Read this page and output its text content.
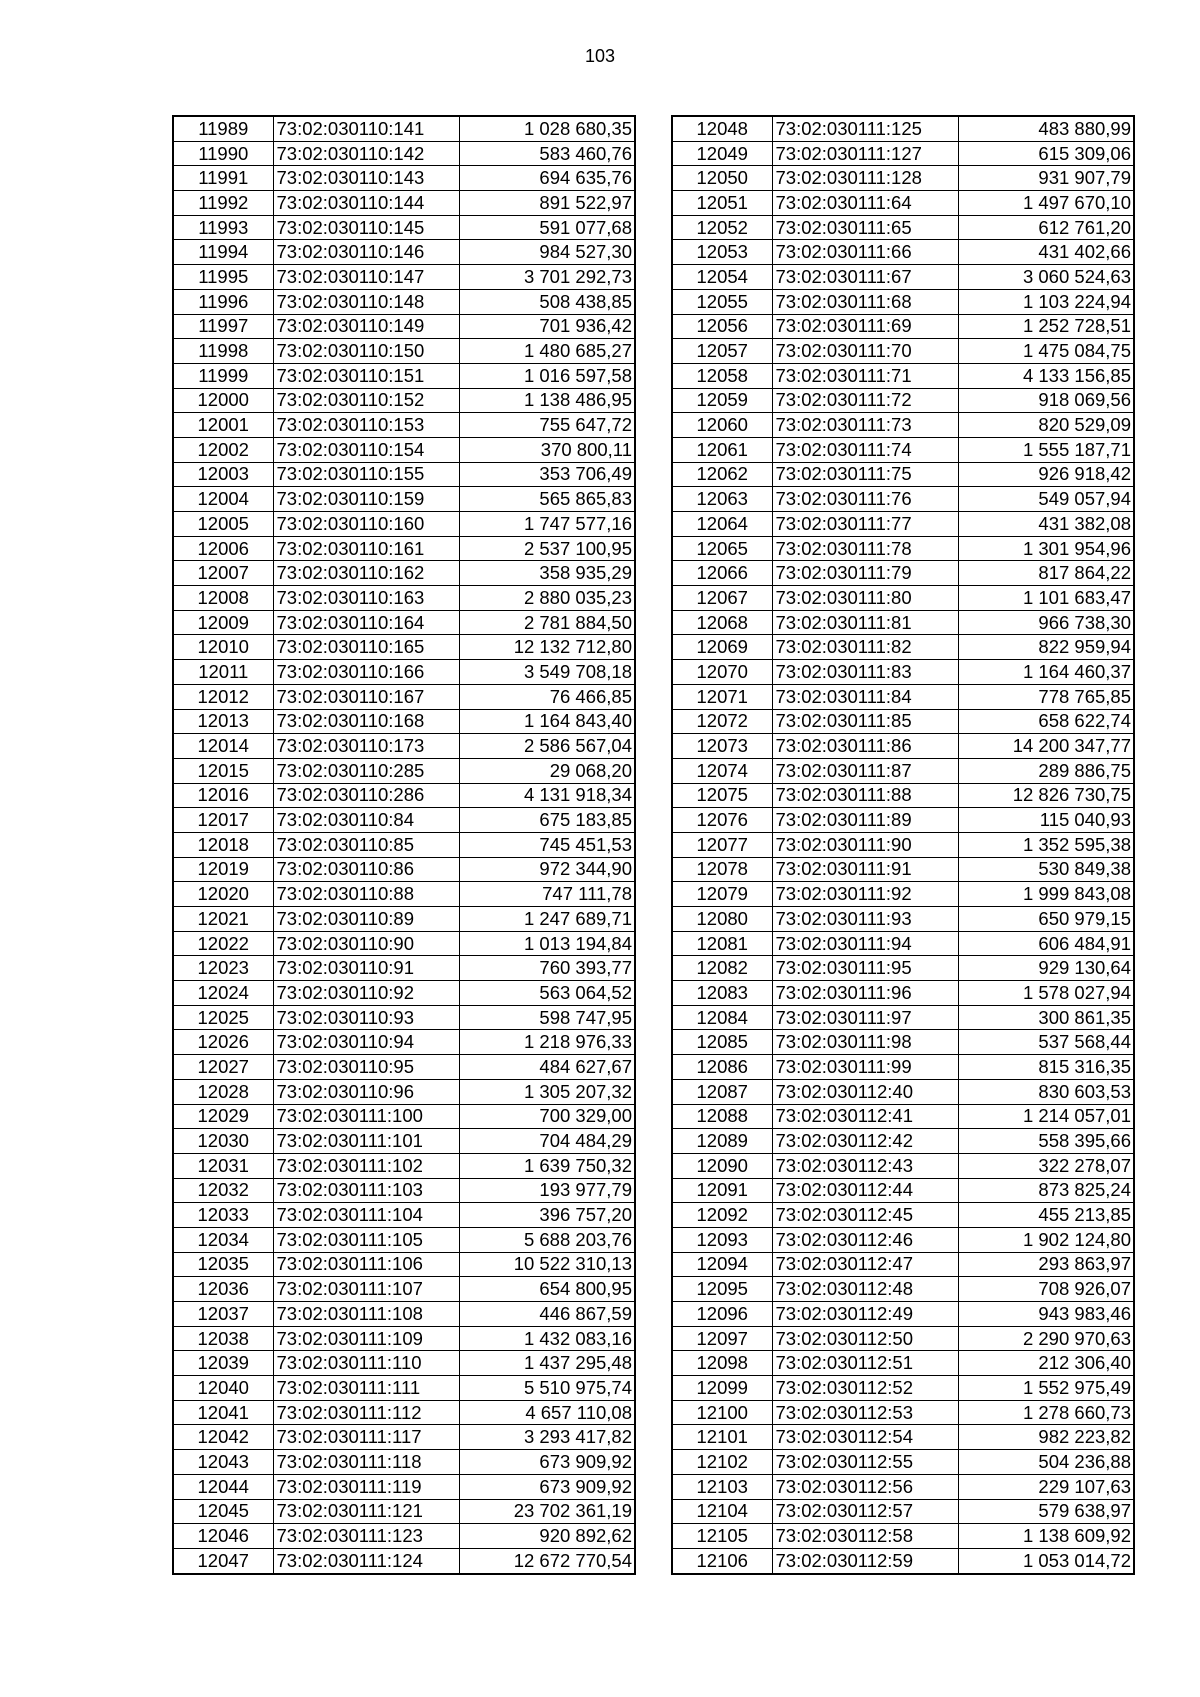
103
11989	73:02:030110:141	1 028 680,35
11990	73:02:030110:142	583 460,76
11991	73:02:030110:143	694 635,76
11992	73:02:030110:144	891 522,97
11993	73:02:030110:145	591 077,68
11994	73:02:030110:146	984 527,30
11995	73:02:030110:147	3 701 292,73
11996	73:02:030110:148	508 438,85
11997	73:02:030110:149	701 936,42
11998	73:02:030110:150	1 480 685,27
11999	73:02:030110:151	1 016 597,58
12000	73:02:030110:152	1 138 486,95
12001	73:02:030110:153	755 647,72
12002	73:02:030110:154	370 800,11
12003	73:02:030110:155	353 706,49
12004	73:02:030110:159	565 865,83
12005	73:02:030110:160	1 747 577,16
12006	73:02:030110:161	2 537 100,95
12007	73:02:030110:162	358 935,29
12008	73:02:030110:163	2 880 035,23
12009	73:02:030110:164	2 781 884,50
12010	73:02:030110:165	12 132 712,80
12011	73:02:030110:166	3 549 708,18
12012	73:02:030110:167	76 466,85
12013	73:02:030110:168	1 164 843,40
12014	73:02:030110:173	2 586 567,04
12015	73:02:030110:285	29 068,20
12016	73:02:030110:286	4 131 918,34
12017	73:02:030110:84	675 183,85
12018	73:02:030110:85	745 451,53
12019	73:02:030110:86	972 344,90
12020	73:02:030110:88	747 111,78
12021	73:02:030110:89	1 247 689,71
12022	73:02:030110:90	1 013 194,84
12023	73:02:030110:91	760 393,77
12024	73:02:030110:92	563 064,52
12025	73:02:030110:93	598 747,95
12026	73:02:030110:94	1 218 976,33
12027	73:02:030110:95	484 627,67
12028	73:02:030110:96	1 305 207,32
12029	73:02:030111:100	700 329,00
12030	73:02:030111:101	704 484,29
12031	73:02:030111:102	1 639 750,32
12032	73:02:030111:103	193 977,79
12033	73:02:030111:104	396 757,20
12034	73:02:030111:105	5 688 203,76
12035	73:02:030111:106	10 522 310,13
12036	73:02:030111:107	654 800,95
12037	73:02:030111:108	446 867,59
12038	73:02:030111:109	1 432 083,16
12039	73:02:030111:110	1 437 295,48
12040	73:02:030111:111	5 510 975,74
12041	73:02:030111:112	4 657 110,08
12042	73:02:030111:117	3 293 417,82
12043	73:02:030111:118	673 909,92
12044	73:02:030111:119	673 909,92
12045	73:02:030111:121	23 702 361,19
12046	73:02:030111:123	920 892,62
12047	73:02:030111:124	12 672 770,54
12048	73:02:030111:125	483 880,99
12049	73:02:030111:127	615 309,06
12050	73:02:030111:128	931 907,79
12051	73:02:030111:64	1 497 670,10
12052	73:02:030111:65	612 761,20
12053	73:02:030111:66	431 402,66
12054	73:02:030111:67	3 060 524,63
12055	73:02:030111:68	1 103 224,94
12056	73:02:030111:69	1 252 728,51
12057	73:02:030111:70	1 475 084,75
12058	73:02:030111:71	4 133 156,85
12059	73:02:030111:72	918 069,56
12060	73:02:030111:73	820 529,09
12061	73:02:030111:74	1 555 187,71
12062	73:02:030111:75	926 918,42
12063	73:02:030111:76	549 057,94
12064	73:02:030111:77	431 382,08
12065	73:02:030111:78	1 301 954,96
12066	73:02:030111:79	817 864,22
12067	73:02:030111:80	1 101 683,47
12068	73:02:030111:81	966 738,30
12069	73:02:030111:82	822 959,94
12070	73:02:030111:83	1 164 460,37
12071	73:02:030111:84	778 765,85
12072	73:02:030111:85	658 622,74
12073	73:02:030111:86	14 200 347,77
12074	73:02:030111:87	289 886,75
12075	73:02:030111:88	12 826 730,75
12076	73:02:030111:89	115 040,93
12077	73:02:030111:90	1 352 595,38
12078	73:02:030111:91	530 849,38
12079	73:02:030111:92	1 999 843,08
12080	73:02:030111:93	650 979,15
12081	73:02:030111:94	606 484,91
12082	73:02:030111:95	929 130,64
12083	73:02:030111:96	1 578 027,94
12084	73:02:030111:97	300 861,35
12085	73:02:030111:98	537 568,44
12086	73:02:030111:99	815 316,35
12087	73:02:030112:40	830 603,53
12088	73:02:030112:41	1 214 057,01
12089	73:02:030112:42	558 395,66
12090	73:02:030112:43	322 278,07
12091	73:02:030112:44	873 825,24
12092	73:02:030112:45	455 213,85
12093	73:02:030112:46	1 902 124,80
12094	73:02:030112:47	293 863,97
12095	73:02:030112:48	708 926,07
12096	73:02:030112:49	943 983,46
12097	73:02:030112:50	2 290 970,63
12098	73:02:030112:51	212 306,40
12099	73:02:030112:52	1 552 975,49
12100	73:02:030112:53	1 278 660,73
12101	73:02:030112:54	982 223,82
12102	73:02:030112:55	504 236,88
12103	73:02:030112:56	229 107,63
12104	73:02:030112:57	579 638,97
12105	73:02:030112:58	1 138 609,92
12106	73:02:030112:59	1 053 014,72
